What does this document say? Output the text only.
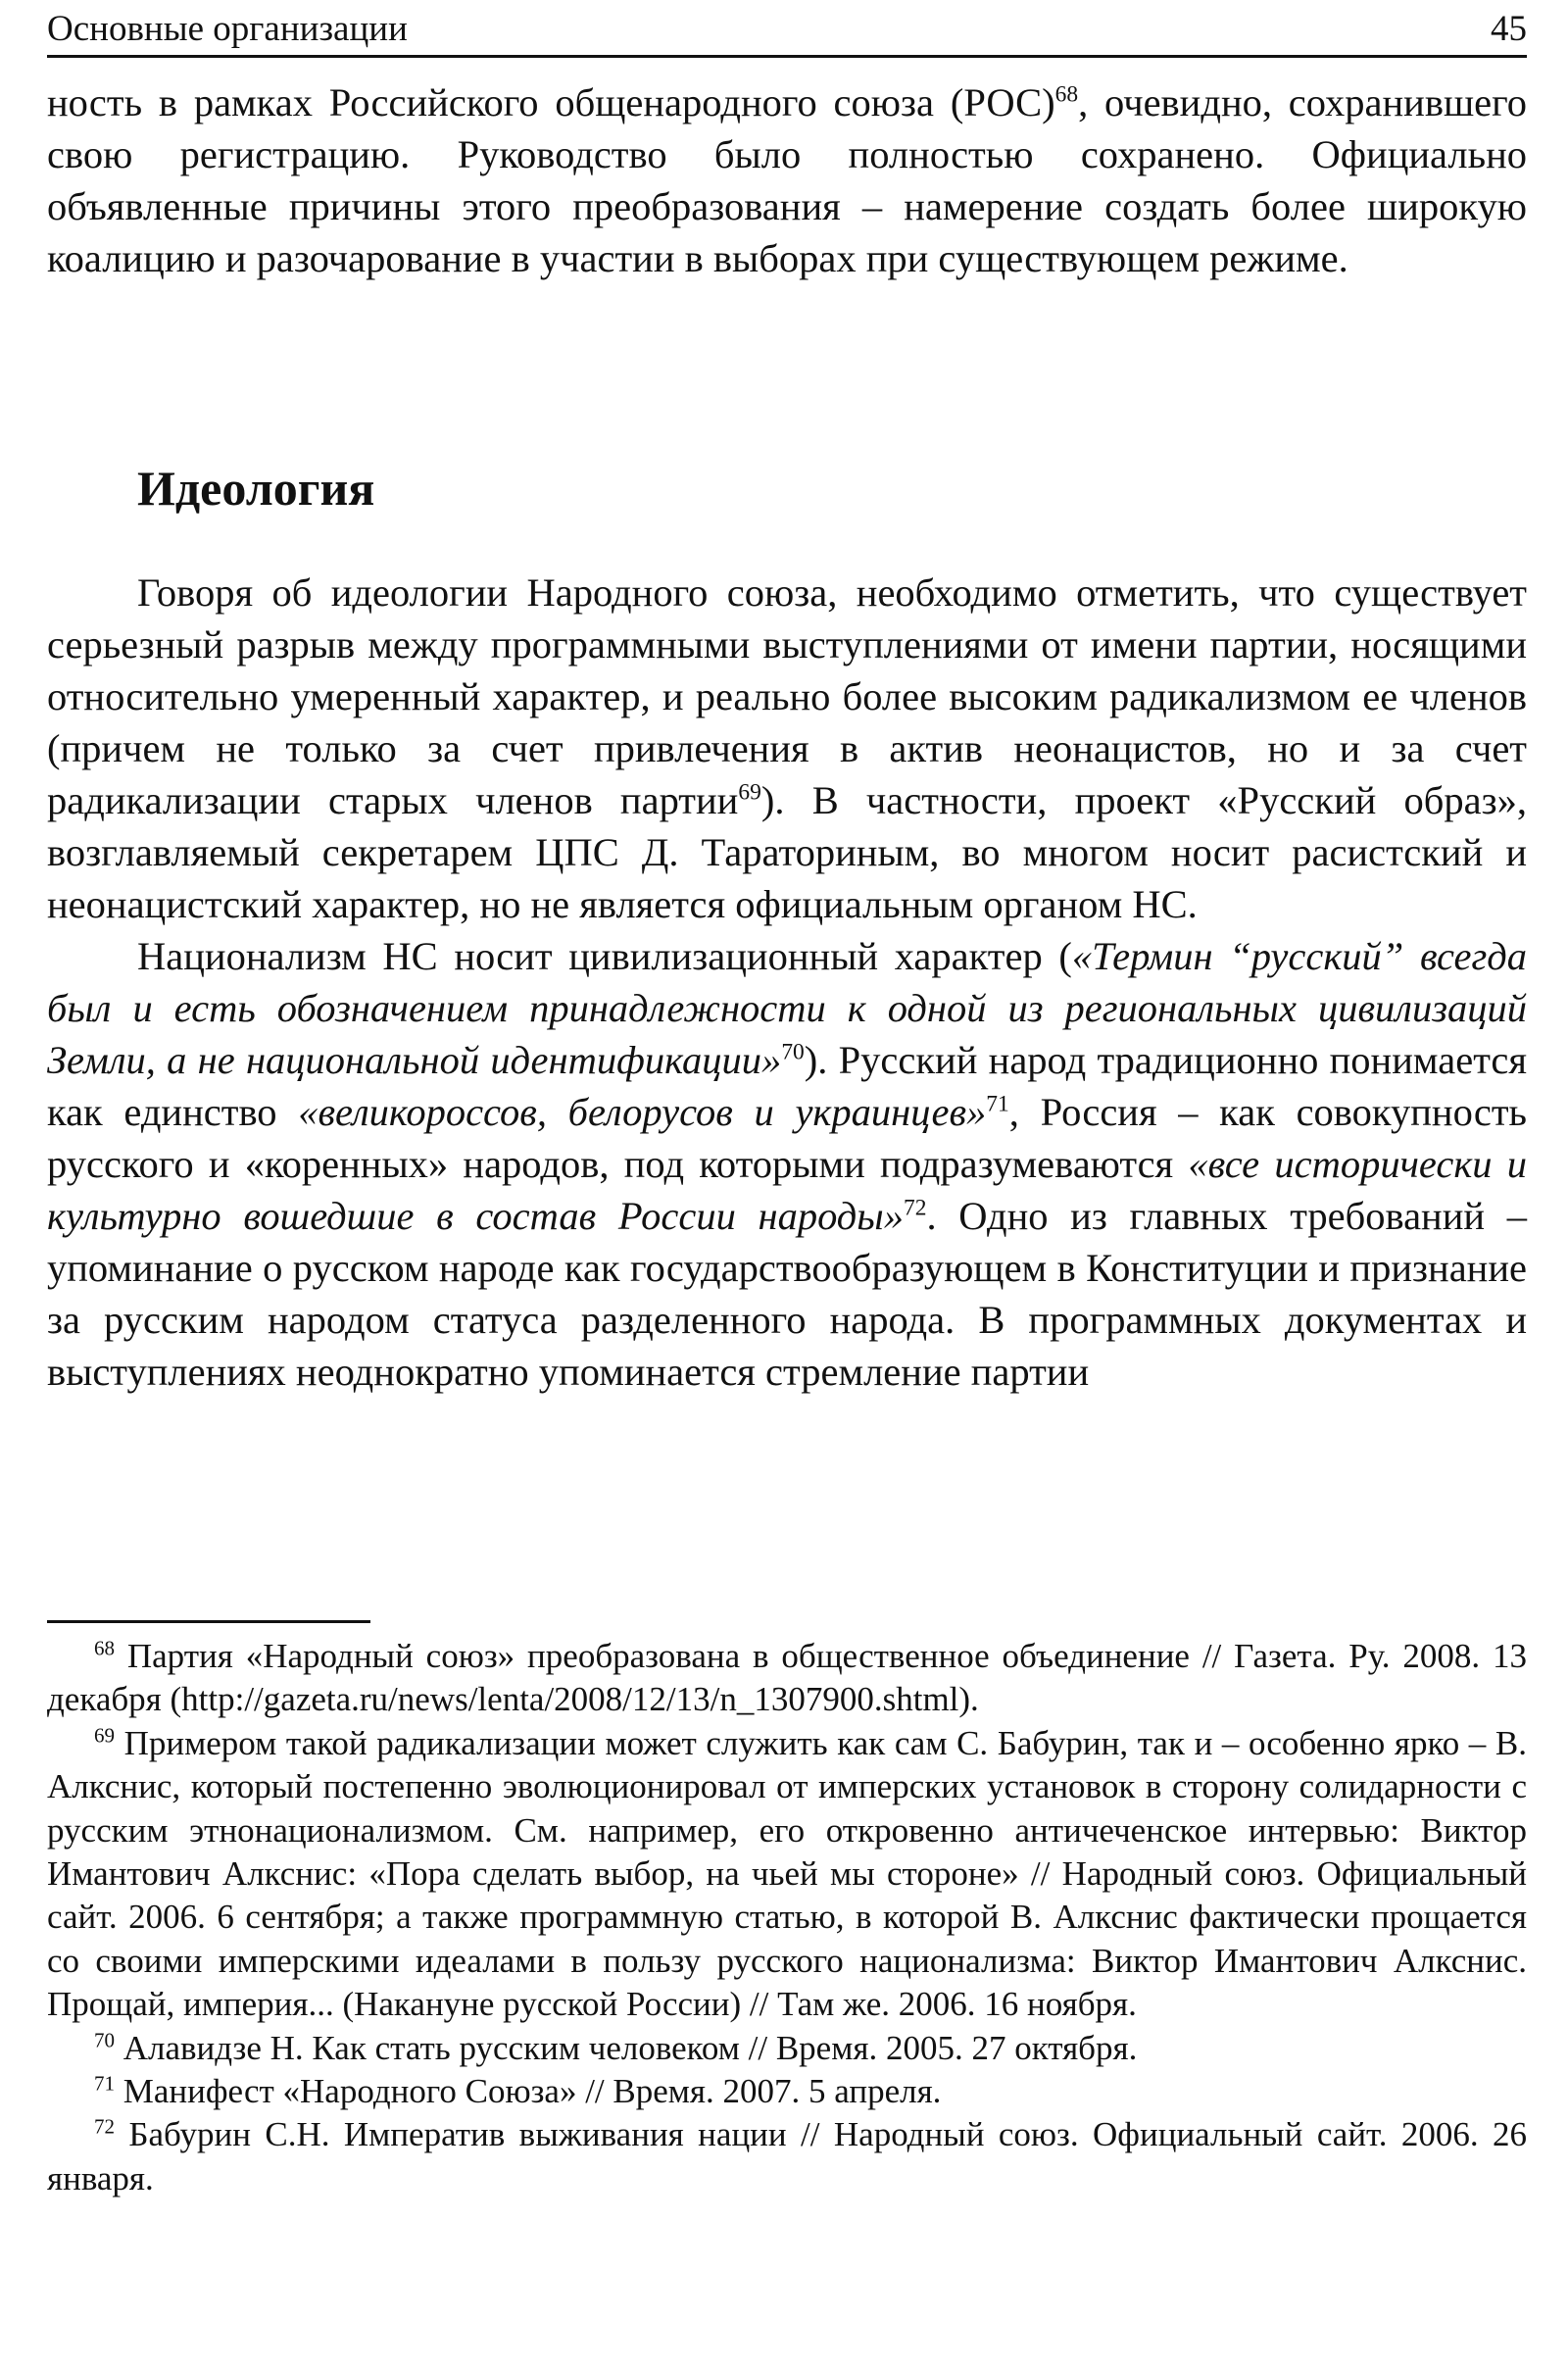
Основные организации	45

ность в рамках Российского общенародного союза (РОС)$^{68}$, очевидно, сохранившего свою регистрацию. Руководство было полностью сохранено. Официально объявленные причины этого преобразования – намерение создать более широкую коалицию и разочарование в участии в выборах при существующем режиме.

Идеология

Говоря об идеологии Народного союза, необходимо отметить, что существует серьезный разрыв между программными выступлениями от имени партии, носящими относительно умеренный характер, и реально более высоким радикализмом ее членов (причем не только за счет привлечения в актив неонацистов, но и за счет радикализации старых членов партии$^{69}$). В частности, проект «Русский образ», возглавляемый секретарем ЦПС Д. Тараториным, во многом носит расистский и неонацистский характер, но не является официальным органом НС.

Национализм НС носит цивилизационный характер («Термин “русский” всегда был и есть обозначением принадлежности к одной из региональных цивилизаций Земли, а не национальной идентификации»$^{70}$). Русский народ традиционно понимается как единство «великороссов, белорусов и украинцев»$^{71}$, Россия – как совокупность русского и «коренных» народов, под которыми подразумеваются «все исторически и культурно вошедшие в состав России народы»$^{72}$. Одно из главных требований – упоминание о русском народе как государствообразующем в Конституции и признание за русским народом статуса разделенного народа. В программных документах и выступлениях неоднократно упоминается стремление партии

$^{68}$ Партия «Народный союз» преобразована в общественное объединение // Газета. Ру. 2008. 13 декабря (http://gazeta.ru/news/lenta/2008/12/13/n_1307900.shtml).

$^{69}$ Примером такой радикализации может служить как сам С. Бабурин, так и – особенно ярко – В. Алкснис, который постепенно эволюционировал от имперских установок в сторону солидарности с русским этнонационализмом. См. например, его откровенно античеченское интервью: Виктор Имантович Алкснис: «Пора сделать выбор, на чьей мы стороне» // Народный союз. Официальный сайт. 2006. 6 сентября; а также программную статью, в которой В. Алкснис фактически прощается со своими имперскими идеалами в пользу русского национализма: Виктор Имантович Алкснис. Прощай, империя... (Накануне русской России) // Там же. 2006. 16 ноября.

$^{70}$ Алавидзе Н. Как стать русским человеком // Время. 2005. 27 октября.

$^{71}$ Манифест «Народного Союза» // Время. 2007. 5 апреля.

$^{72}$ Бабурин С.Н. Императив выживания нации // Народный союз. Официальный сайт. 2006. 26 января.
